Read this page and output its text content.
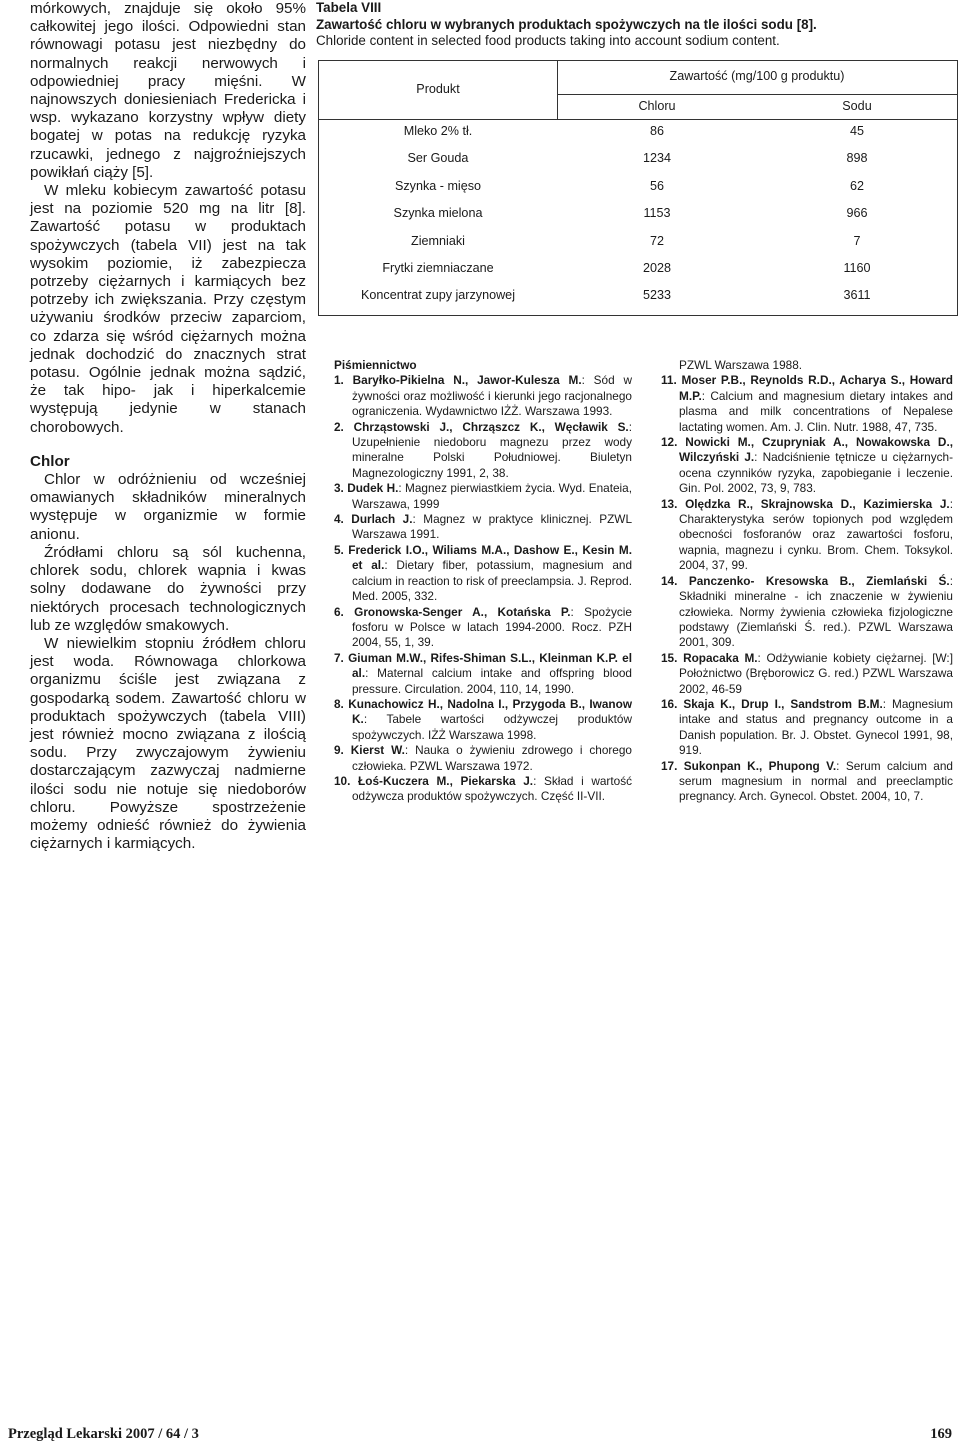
mórkowych, znajduje się około 95% całkowitej jego ilości. Odpowiedni stan równowagi potasu jest niezbędny do normalnych reakcji nerwowych i odpowiedniej pracy mięśni. W najnowszych doniesieniach Fredericka i wsp. wykazano korzystny wpływ diety bogatej w potas na redukcję ryzyka rzucawki, jednego z najgroźniejszych powikłań ciąży [5].

W mleku kobiecym zawartość potasu jest na poziomie 520 mg na litr [8]. Zawartość potasu w produktach spożywczych (tabela VII) jest na tak wysokim poziomie, iż zabezpiecza potrzeby ciężarnych i karmiących bez potrzeby ich zwiększania. Przy częstym używaniu środków przeciw zaparciom, co zdarza się wśród ciężarnych można jednak dochodzić do znacznych strat potasu. Ogólnie jednak można sądzić, że tak hipo- jak i hiperkalcemie występują jedynie w stanach chorobowych.

Chlor

Chlor w odróżnieniu od wcześniej omawianych składników mineralnych występuje w organizmie w formie anionu.

Źródłami chloru są sól kuchenna, chlorek sodu, chlorek wapnia i kwas solny dodawane do żywności przy niektórych procesach technologicznych lub ze względów smakowych.

W niewielkim stopniu źródłem chloru jest woda. Równowaga chlorkowa organizmu ściśle jest związana z gospodarką sodem. Zawartość chloru w produktach spożywczych (tabela VIII) jest również mocno związana z ilością sodu. Przy zwyczajowym żywieniu dostarczającym zazwyczaj nadmierne ilości sodu nie notuje się niedoborów chloru. Powyższe spostrzeżenie możemy odnieść również do żywienia ciężarnych i karmiących.

Tabela VIII
Zawartość chloru w wybranych produktach spożywczych na tle ilości sodu [8].
Chloride content in selected food products taking into account sodium content.
Produkt
Zawartość (mg/100 g produktu)
Chloru	Sodu
Mleko 2% tł.	86	45
Ser Gouda	1234	898
Szynka - mięso	56	62
Szynka mielona	1153	966
Ziemniaki	72	7
Frytki ziemniaczane	2028	1160
Koncentrat zupy jarzynowej	5233	3611

Piśmiennictwo

1. Baryłko-Pikielna N., Jawor-Kulesza M.: Sód w żywności oraz możliwość i kierunki jego racjonalnego ograniczenia. Wydawnictwo IŻŻ. Warszawa 1993.

2. Chrząstowski J., Chrząszcz K., Węcławik S.: Uzupełnienie niedoboru magnezu przez wody mineralne Polski Południowej. Biuletyn Magnezologiczny 1991, 2, 38.

3. Dudek H.: Magnez pierwiastkiem życia. Wyd. Enateia, Warszawa, 1999

4. Durlach J.: Magnez w praktyce klinicznej. PZWL Warszawa 1991.

5. Frederick I.O., Wiliams M.A., Dashow E., Kesin M. et al.: Dietary fiber, potassium, magnesium and calcium in reaction to risk of preeclampsia. J. Reprod. Med. 2005, 332.

6. Gronowska-Senger A., Kotańska P.: Spożycie fosforu w Polsce w latach 1994-2000. Rocz. PZH 2004, 55, 1, 39.

7. Giuman M.W., Rifes-Shiman S.L., Kleinman K.P. el al.: Maternal calcium intake and offspring blood pressure. Circulation. 2004, 110, 14, 1990.

8. Kunachowicz H., Nadolna I., Przygoda B., Iwanow K.: Tabele wartości odżywczej produktów spożywczych. IŻŻ Warszawa 1998.

9. Kierst W.: Nauka o żywieniu zdrowego i chorego człowieka. PZWL Warszawa 1972.

10. Łoś-Kuczera M., Piekarska J.: Skład i wartość odżywcza produktów spożywczych. Część II-VII.

PZWL Warszawa 1988.

11. Moser P.B., Reynolds R.D., Acharya S., Howard M.P.: Calcium and magnesium dietary intakes and plasma and milk concentrations of Nepalese lactating women. Am. J. Clin. Nutr. 1988, 47, 735.

12. Nowicki M., Czupryniak A., Nowakowska D., Wilczyński J.: Nadciśnienie tętnicze u ciężarnych-ocena czynników ryzyka, zapobieganie i leczenie. Gin. Pol. 2002, 73, 9, 783.

13. Olędzka R., Skrajnowska D., Kazimierska J.: Charakterystyka serów topionych pod względem obecności fosforanów oraz zawartości fosforu, wapnia, magnezu i cynku. Brom. Chem. Toksykol. 2004, 37, 99.

14. Panczenko- Kresowska B., Ziemlański Ś.: Składniki mineralne - ich znaczenie w żywieniu człowieka. Normy żywienia człowieka fizjologiczne podstawy (Ziemlański Ś. red.). PZWL Warszawa 2001, 309.

15. Ropacaka M.: Odżywianie kobiety ciężarnej. [W:] Położnictwo (Bręborowicz G. red.) PZWL Warszawa 2002, 46-59

16. Skaja K., Drup I., Sandstrom B.M.: Magnesium intake and status and pregnancy outcome in a Danish population. Br. J. Obstet. Gynecol 1991, 98, 919.

17. Sukonpan K., Phupong V.: Serum calcium and serum magnesium in normal and preeclamptic pregnancy. Arch. Gynecol. Obstet. 2004, 10, 7.

Przegląd Lekarski 2007 / 64 / 3	169
